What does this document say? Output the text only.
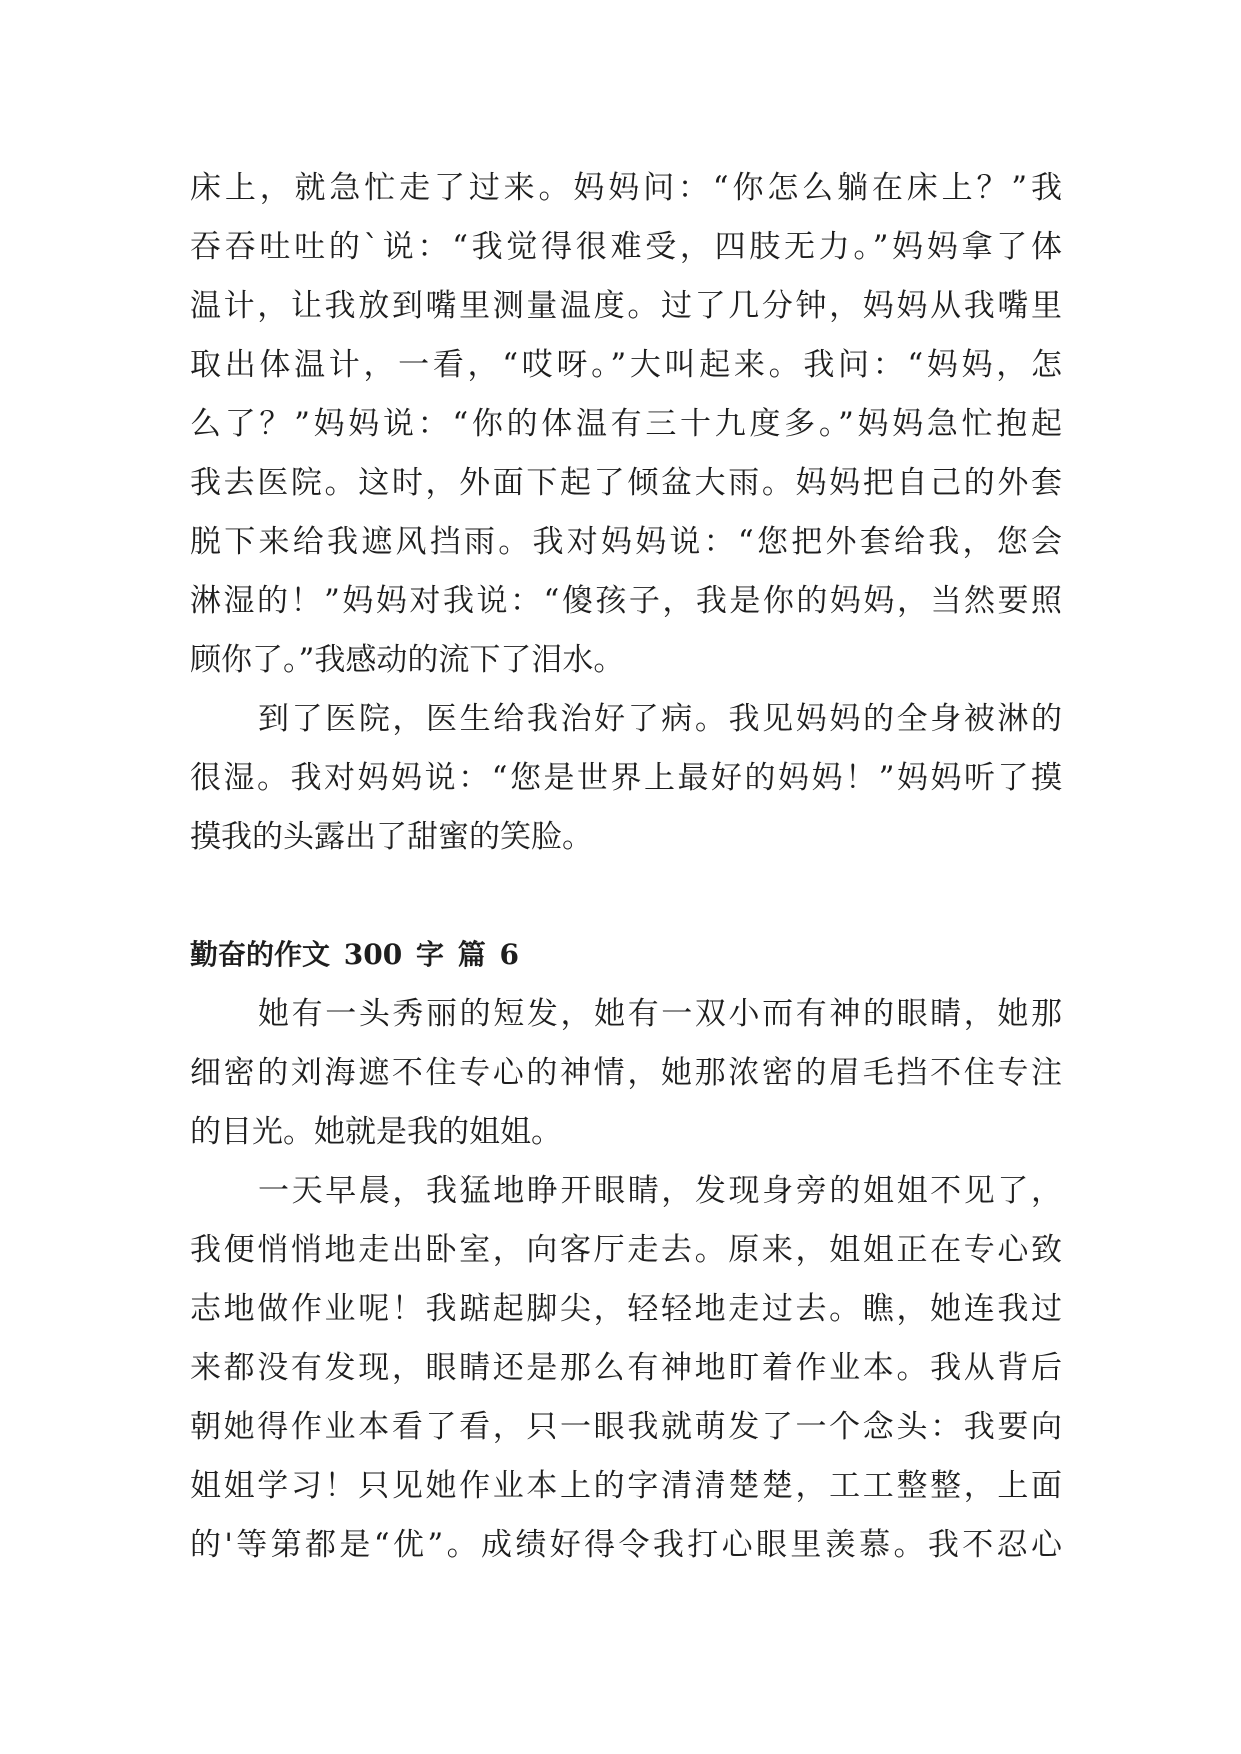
床上，就急忙走了过来。妈妈问：“你怎么躺在床上？”我

吞吞吐吐的`说：“我觉得很难受，四肢无力。”妈妈拿了体

温计，让我放到嘴里测量温度。过了几分钟，妈妈从我嘴里

取出体温计，一看，“哎呀。”大叫起来。我问：“妈妈，怎

么了？”妈妈说：“你的体温有三十九度多。”妈妈急忙抱起

我去医院。这时，外面下起了倾盆大雨。妈妈把自己的外套

脱下来给我遮风挡雨。我对妈妈说：“您把外套给我，您会

淋湿的！”妈妈对我说：“傻孩子，我是你的妈妈，当然要照

顾你了。”我感动的流下了泪水。

到了医院，医生给我治好了病。我见妈妈的全身被淋的

很湿。我对妈妈说：“您是世界上最好的妈妈！”妈妈听了摸

摸我的头露出了甜蜜的笑脸。

勤奋的作文 300 字 篇 6

她有一头秀丽的短发，她有一双小而有神的眼睛，她那

细密的刘海遮不住专心的神情，她那浓密的眉毛挡不住专注

的目光。她就是我的姐姐。

一天早晨，我猛地睁开眼睛，发现身旁的姐姐不见了，

我便悄悄地走出卧室，向客厅走去。原来，姐姐正在专心致

志地做作业呢！我踮起脚尖，轻轻地走过去。瞧，她连我过

来都没有发现，眼睛还是那么有神地盯着作业本。我从背后

朝她得作业本看了看，只一眼我就萌发了一个念头：我要向

姐姐学习！只见她作业本上的字清清楚楚，工工整整，上面

的'等第都是“优”。成绩好得令我打心眼里羡慕。我不忍心
